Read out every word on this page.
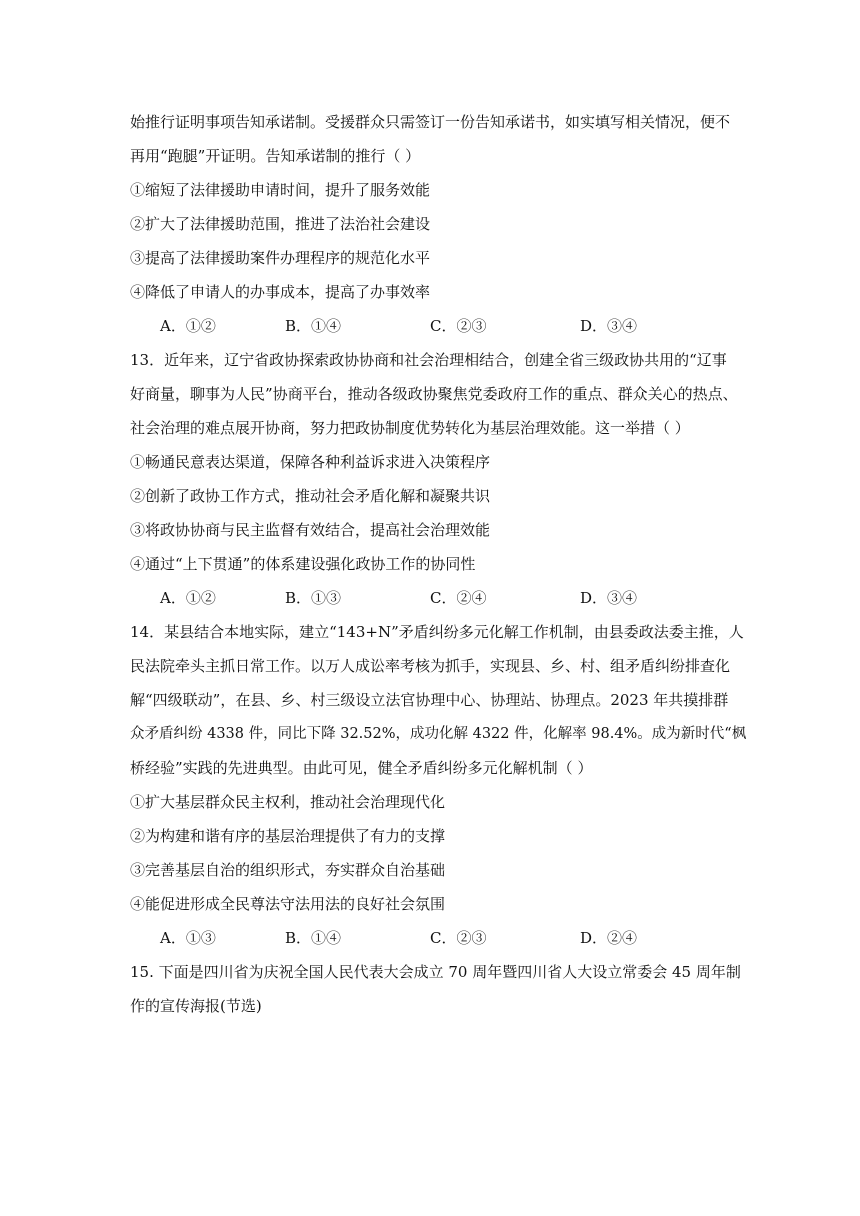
始推行证明事项告知承诺制。受援群众只需签订一份告知承诺书，如实填写相关情况，便不
再用“跑腿”开证明。告知承诺制的推行（ ）
①缩短了法律援助申请时间，提升了服务效能
②扩大了法律援助范围，推进了法治社会建设
③提高了法律援助案件办理程序的规范化水平
④降低了申请人的办事成本，提高了办事效率
A．①②	B．①④	C．②③	D．③④
13．近年来，辽宁省政协探索政协协商和社会治理相结合，创建全省三级政协共用的“辽事
好商量，聊事为人民”协商平台，推动各级政协聚焦党委政府工作的重点、群众关心的热点、
社会治理的难点展开协商，努力把政协制度优势转化为基层治理效能。这一举措（ ）
①畅通民意表达渠道，保障各种利益诉求进入决策程序
②创新了政协工作方式，推动社会矛盾化解和凝聚共识
③将政协协商与民主监督有效结合，提高社会治理效能
④通过“上下贯通”的体系建设强化政协工作的协同性
A．①②	B．①③	C．②④	D．③④
14．某县结合本地实际，建立“143+N”矛盾纠纷多元化解工作机制，由县委政法委主推，人
民法院牵头主抓日常工作。以万人成讼率考核为抓手，实现县、乡、村、组矛盾纠纷排查化
解“四级联动”，在县、乡、村三级设立法官协理中心、协理站、协理点。2023 年共摸排群
众矛盾纠纷 4338 件，同比下降 32.52%，成功化解 4322 件，化解率 98.4%。成为新时代“枫
桥经验”实践的先进典型。由此可见，健全矛盾纠纷多元化解机制（ ）
①扩大基层群众民主权利，推动社会治理现代化
②为构建和谐有序的基层治理提供了有力的支撑
③完善基层自治的组织形式，夯实群众自治基础
④能促进形成全民尊法守法用法的良好社会氛围
A．①③	B．①④	C．②③	D．②④
15. 下面是四川省为庆祝全国人民代表大会成立 70 周年暨四川省人大设立常委会 45 周年制
作的宣传海报(节选)
